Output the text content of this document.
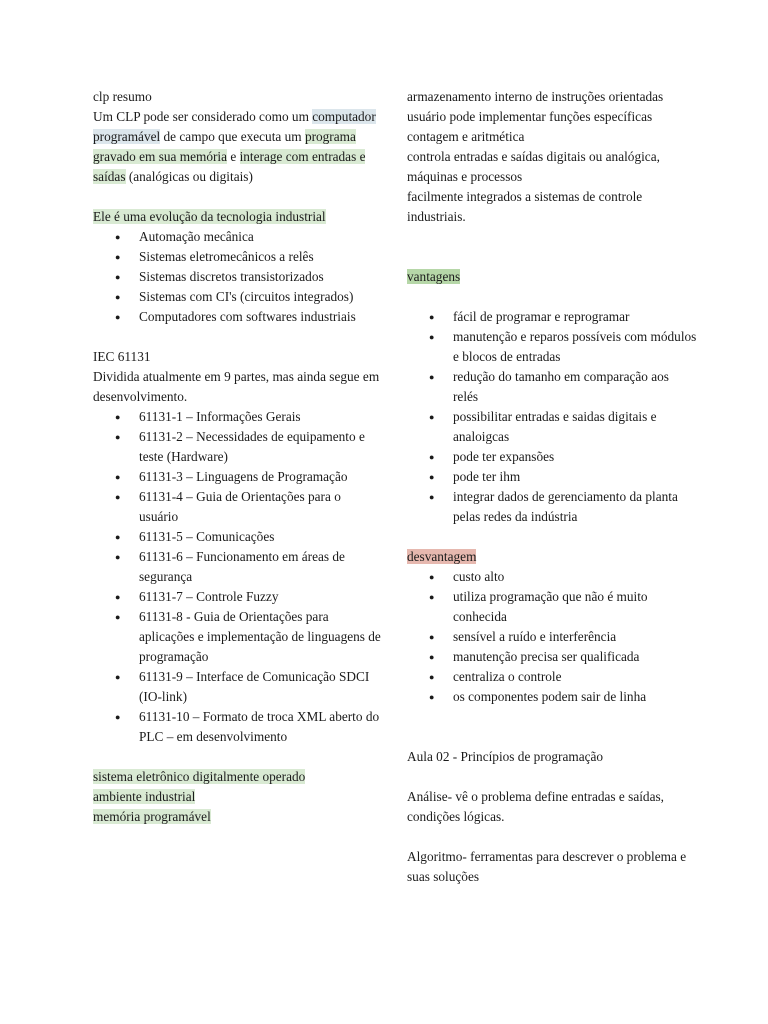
clp resumo

Um CLP pode ser considerado como um computador programável de campo que executa um programa gravado em sua memória e interage com entradas e saídas (analógicas ou digitais)

Ele é uma evolução da tecnologia industrial

● Automação mecânica
● Sistemas eletromecânicos a relês
● Sistemas discretos transistorizados
● Sistemas com CI's (circuitos integrados)
● Computadores com softwares industriais

IEC 61131

Dividida atualmente em 9 partes, mas ainda segue em desenvolvimento.

● 61131-1 – Informações Gerais
● 61131-2 – Necessidades de equipamento e teste (Hardware)
● 61131-3 – Linguagens de Programação
● 61131-4 – Guia de Orientações para o usuário
● 61131-5 – Comunicações
● 61131-6 – Funcionamento em áreas de segurança
● 61131-7 – Controle Fuzzy
● 61131-8 - Guia de Orientações para aplicações e implementação de linguagens de programação
● 61131-9 – Interface de Comunicação SDCI (IO-link)
● 61131-10 – Formato de troca XML aberto do PLC – em desenvolvimento

sistema eletrônico digitalmente operado

ambiente industrial

memória programável

armazenamento interno de instruções orientadas

usuário pode implementar funções específicas

contagem e aritmética

controla entradas e saídas digitais ou analógica, máquinas e processos

facilmente integrados a sistemas de controle industriais.

vantagens

● fácil de programar e reprogramar
● manutenção e reparos possíveis com módulos e blocos de entradas
● redução do tamanho em comparação aos relés
● possibilitar entradas e saidas digitais e analoigcas
● pode ter expansões
● pode ter ihm
● integrar dados de gerenciamento da planta pelas redes da indústria

desvantagem

● custo alto
● utiliza programação que não é muito conhecida
● sensível a ruído e interferência
● manutenção precisa ser qualificada
● centraliza o controle
● os componentes podem sair de linha

Aula 02 - Princípios de programação

Análise- vê o problema define entradas e saídas, condições lógicas.

Algoritmo- ferramentas para descrever o problema e suas soluções
